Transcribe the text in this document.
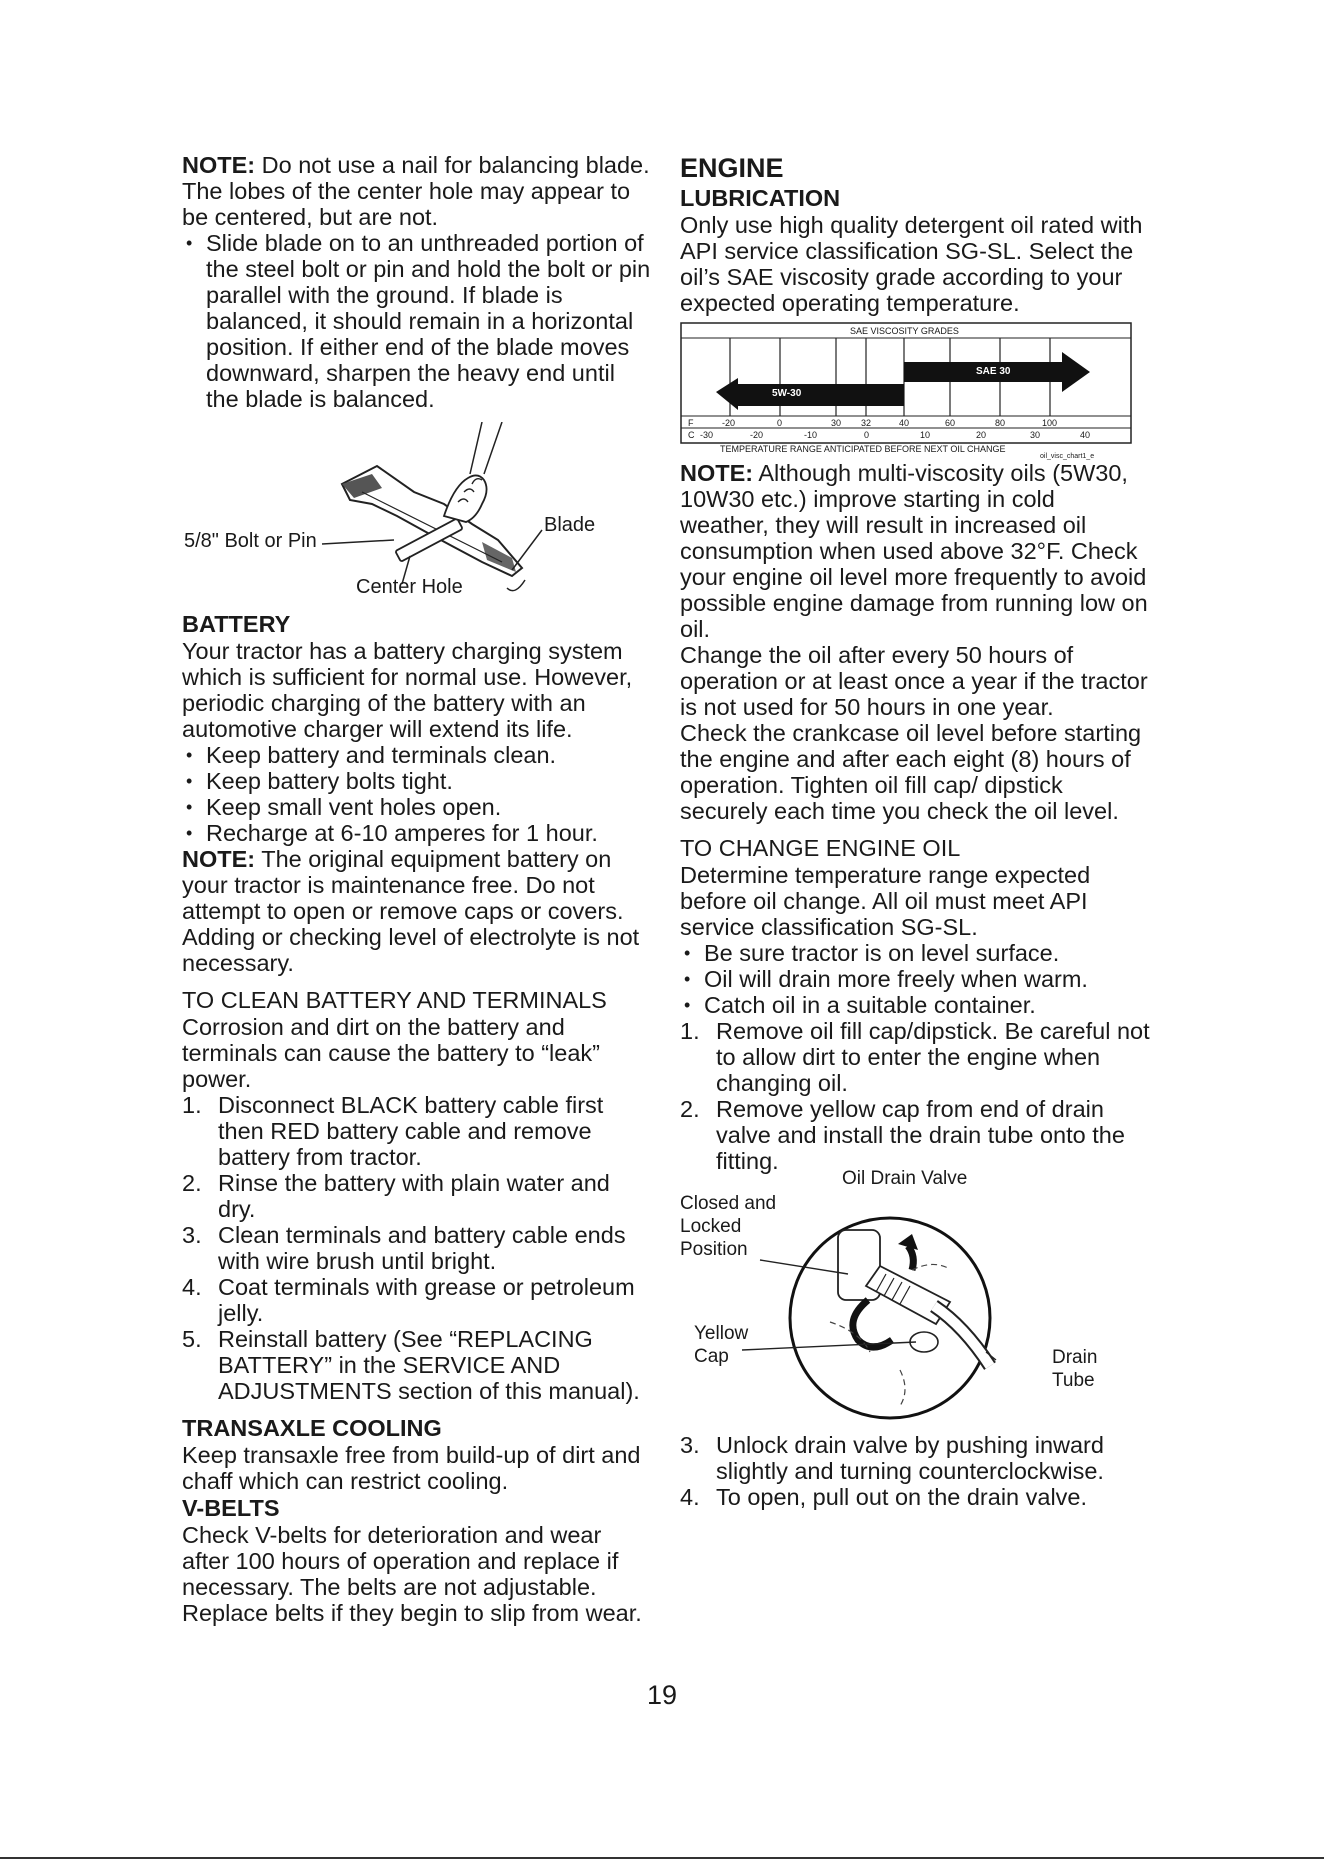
NOTE: Do not use a nail for balancing blade. The lobes of the center hole may appear to be centered, but are not.

• Slide blade on to an unthreaded portion of the steel bolt or pin and hold the bolt or pin parallel with the ground. If blade is balanced, it should remain in a horizontal position. If either end of the blade moves downward, sharpen the heavy end until the blade is balanced.
5/8" Bolt or Pin
Blade
Center Hole

BATTERY

Your tractor has a battery charging system which is sufficient for normal use. However, periodic charging of the battery with an automotive charger will extend its life.

• Keep battery and terminals clean.
• Keep battery bolts tight.
• Keep small vent holes open.
• Recharge at 6-10 amperes for 1 hour.

NOTE: The original equipment battery on your tractor is maintenance free. Do not attempt to open or remove caps or covers. Adding or checking level of electrolyte is not necessary.

TO CLEAN BATTERY AND TERMINALS

Corrosion and dirt on the battery and terminals can cause the battery to “leak” power.

1. Disconnect BLACK battery cable first then RED battery cable and remove battery from tractor.
2. Rinse the battery with plain water and dry.
3. Clean terminals and battery cable ends with wire brush until bright.
4. Coat terminals with grease or petroleum jelly.
5. Reinstall battery (See “REPLACING BATTERY” in the SERVICE AND ADJUSTMENTS section of this manual).

TRANSAXLE COOLING

Keep transaxle free from build-up of dirt and chaff which can restrict cooling.

V-BELTS

Check V-belts for deterioration and wear after 100 hours of operation and replace if necessary. The belts are not adjustable. Replace belts if they begin to slip from wear.

ENGINE

LUBRICATION

Only use high quality detergent oil rated with API service classification SG-SL. Select the oil’s SAE viscosity grade according to your expected operating temperature.

SAE VISCOSITY GRADES
SAE 30
5W-30
F	-20	0	30 32	40	60	80	100
C -30	-20	-10	0	10	20	30	40
TEMPERATURE RANGE ANTICIPATED BEFORE NEXT OIL CHANGE
oil_visc_chart1_e

NOTE: Although multi-viscosity oils (5W30, 10W30 etc.) improve starting in cold weather, they will result in increased oil consumption when used above 32°F. Check your engine oil level more frequently to avoid possible engine damage from running low on oil.

Change the oil after every 50 hours of operation or at least once a year if the tractor is not used for 50 hours in one year.

Check the crankcase oil level before starting the engine and after each eight (8) hours of operation. Tighten oil fill cap/ dipstick securely each time you check the oil level.

TO CHANGE ENGINE OIL

Determine temperature range expected before oil change. All oil must meet API service classification SG-SL.

• Be sure tractor is on level surface.
• Oil will drain more freely when warm.
• Catch oil in a suitable container.
1. Remove oil fill cap/dipstick. Be careful not to allow dirt to enter the engine when changing oil.
2. Remove yellow cap from end of drain valve and install the drain tube onto the fitting.
Oil Drain Valve
Closed and Locked Position
Yellow Cap	Drain Tube
3. Unlock drain valve by pushing inward slightly and turning counterclockwise.
4. To open, pull out on the drain valve.
19
